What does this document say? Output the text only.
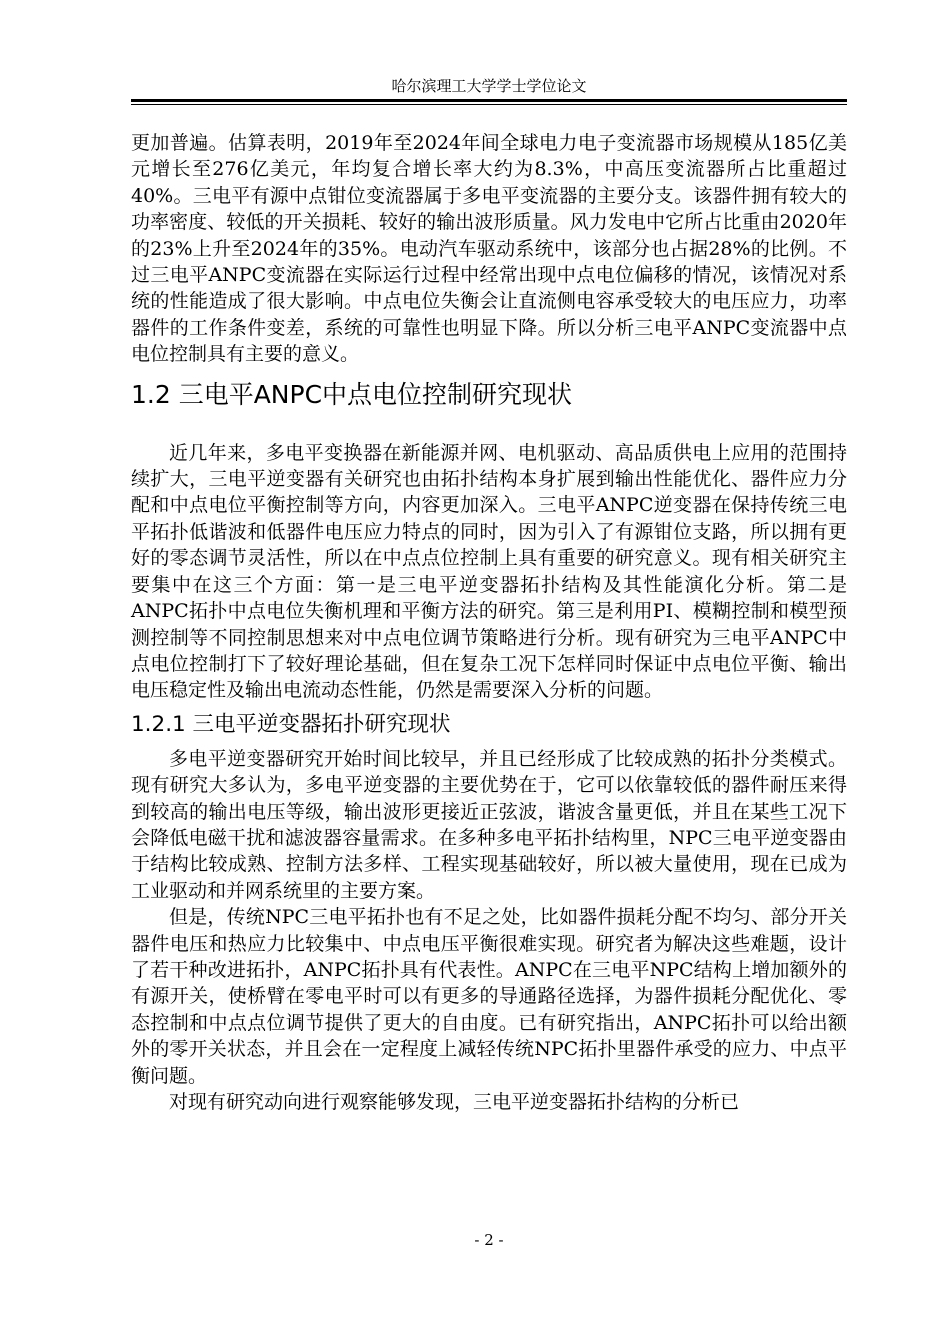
哈尔滨理工大学学士学位论文

更加普遍。估算表明，2019年至2024年间全球电力电子变流器市场规模从185亿美元增长至276亿美元，年均复合增长率大约为8.3%，中高压变流器所占比重超过40%。三电平有源中点钳位变流器属于多电平变流器的主要分支。该器件拥有较大的功率密度、较低的开关损耗、较好的输出波形质量。风力发电中它所占比重由2020年的23%上升至2024年的35%。电动汽车驱动系统中，该部分也占据28%的比例。不过三电平ANPC变流器在实际运行过程中经常出现中点电位偏移的情况，该情况对系统的性能造成了很大影响。中点电位失衡会让直流侧电容承受较大的电压应力，功率器件的工作条件变差，系统的可靠性也明显下降。所以分析三电平ANPC变流器中点电位控制具有主要的意义。

1.2 三电平ANPC中点电位控制研究现状

近几年来，多电平变换器在新能源并网、电机驱动、高品质供电上应用的范围持续扩大，三电平逆变器有关研究也由拓扑结构本身扩展到输出性能优化、器件应力分配和中点电位平衡控制等方向，内容更加深入。三电平ANPC逆变器在保持传统三电平拓扑低谐波和低器件电压应力特点的同时，因为引入了有源钳位支路，所以拥有更好的零态调节灵活性，所以在中点点位控制上具有重要的研究意义。现有相关研究主要集中在这三个方面：第一是三电平逆变器拓扑结构及其性能演化分析。第二是ANPC拓扑中点电位失衡机理和平衡方法的研究。第三是利用PI、模糊控制和模型预测控制等不同控制思想来对中点电位调节策略进行分析。现有研究为三电平ANPC中点电位控制打下了较好理论基础，但在复杂工况下怎样同时保证中点电位平衡、输出电压稳定性及输出电流动态性能，仍然是需要深入分析的问题。

1.2.1 三电平逆变器拓扑研究现状

多电平逆变器研究开始时间比较早，并且已经形成了比较成熟的拓扑分类模式。现有研究大多认为，多电平逆变器的主要优势在于，它可以依靠较低的器件耐压来得到较高的输出电压等级，输出波形更接近正弦波，谐波含量更低，并且在某些工况下会降低电磁干扰和滤波器容量需求。在多种多电平拓扑结构里，NPC三电平逆变器由于结构比较成熟、控制方法多样、工程实现基础较好，所以被大量使用，现在已成为工业驱动和并网系统里的主要方案。

但是，传统NPC三电平拓扑也有不足之处，比如器件损耗分配不均匀、部分开关器件电压和热应力比较集中、中点电压平衡很难实现。研究者为解决这些难题，设计了若干种改进拓扑，ANPC拓扑具有代表性。ANPC在三电平NPC结构上增加额外的有源开关，使桥臂在零电平时可以有更多的导通路径选择，为器件损耗分配优化、零态控制和中点点位调节提供了更大的自由度。已有研究指出，ANPC拓扑可以给出额外的零开关状态，并且会在一定程度上减轻传统NPC拓扑里器件承受的应力、中点平衡问题。

对现有研究动向进行观察能够发现，三电平逆变器拓扑结构的分析已

- 2 -
